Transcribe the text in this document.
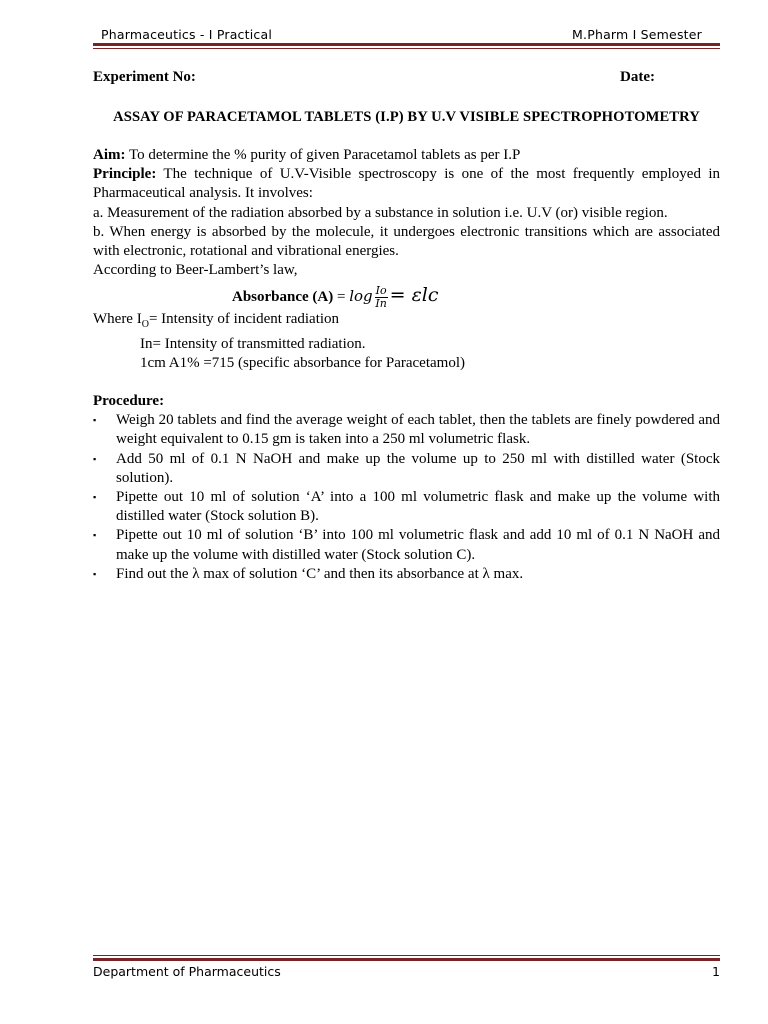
Pharmaceutics - I Practical	M.Pharm I Semester
Experiment No:	Date:
ASSAY OF PARACETAMOL TABLETS (I.P) BY U.V VISIBLE SPECTROPHOTOMETRY

Aim: To determine the % purity of given Paracetamol tablets as per I.P

Principle: The technique of U.V-Visible spectroscopy is one of the most frequently employed in Pharmaceutical analysis. It involves:

a. Measurement of the radiation absorbed by a substance in solution i.e. U.V (or) visible region.

b. When energy is absorbed by the molecule, it undergoes electronic transitions which are associated with electronic, rotational and vibrational energies.

According to Beer-Lambert’s law,

Absorbance $(A) = \log \frac{Io}{In} = \varepsilon lc$

Where $I_O=$ Intensity of incident radiation

In= Intensity of transmitted radiation.

1cm A1% =715 (specific absorbance for Paracetamol)

Procedure:

▪ Weigh 20 tablets and find the average weight of each tablet, then the tablets are finely powdered and weight equivalent to 0.15 gm is taken into a 250 ml volumetric flask.
▪ Add 50 ml of 0.1 N NaOH and make up the volume up to 250 ml with distilled water (Stock solution).
▪ Pipette out 10 ml of solution ‘A’ into a 100 ml volumetric flask and make up the volume with distilled water (Stock solution B).
▪ Pipette out 10 ml of solution ‘B’ into 100 ml volumetric flask and add 10 ml of 0.1 N NaOH and make up the volume with distilled water (Stock solution C).
▪ Find out the λ max of solution ‘C’ and then its absorbance at λ max.
Department of Pharmaceutics	1
